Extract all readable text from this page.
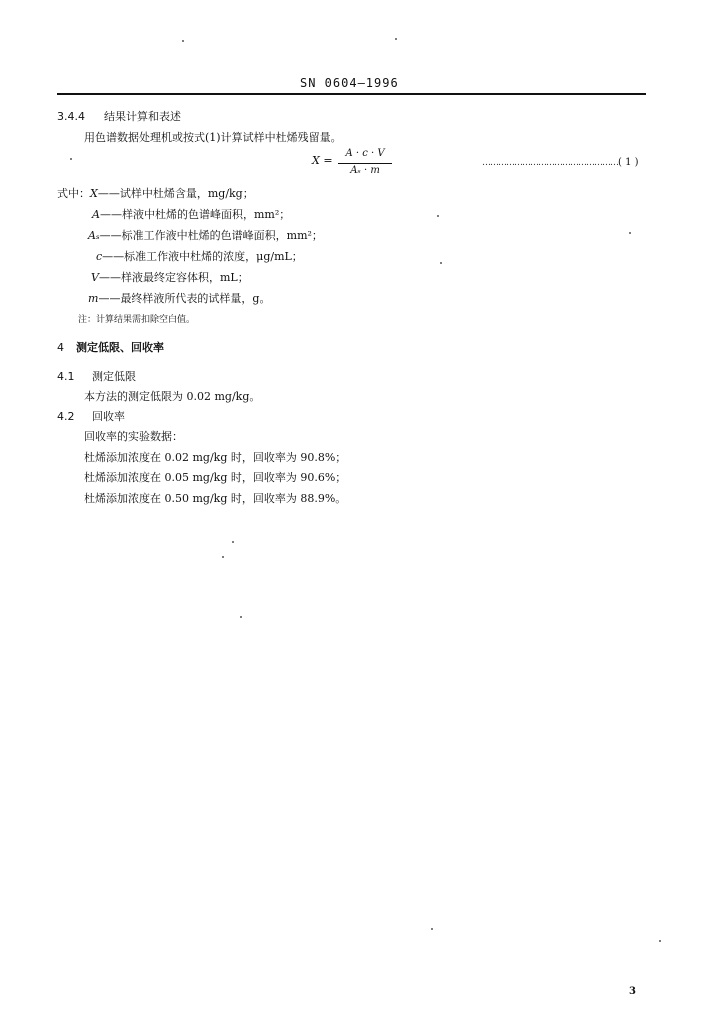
SN 0604—1996
3.4.4 结果计算和表述
用色谱数据处理机或按式(1)计算试样中杜烯残留量。
X =
A · c · V
Aₛ · m
…………………………………………… ( 1 )
式中： X——试样中杜烯含量，mg/kg；
A——样液中杜烯的色谱峰面积，mm²；
Aₛ——标准工作液中杜烯的色谱峰面积，mm²；
c——标准工作液中杜烯的浓度，μg/mL；
V——样液最终定容体积，mL；
m——最终样液所代表的试样量，g。
注：计算结果需扣除空白值。
4 测定低限、回收率
4.1 测定低限
本方法的测定低限为 0.02 mg/kg。
4.2 回收率
回收率的实验数据：
杜烯添加浓度在 0.02 mg/kg 时，回收率为 90.8%；
杜烯添加浓度在 0.05 mg/kg 时，回收率为 90.6%；
杜烯添加浓度在 0.50 mg/kg 时，回收率为 88.9%。
3
